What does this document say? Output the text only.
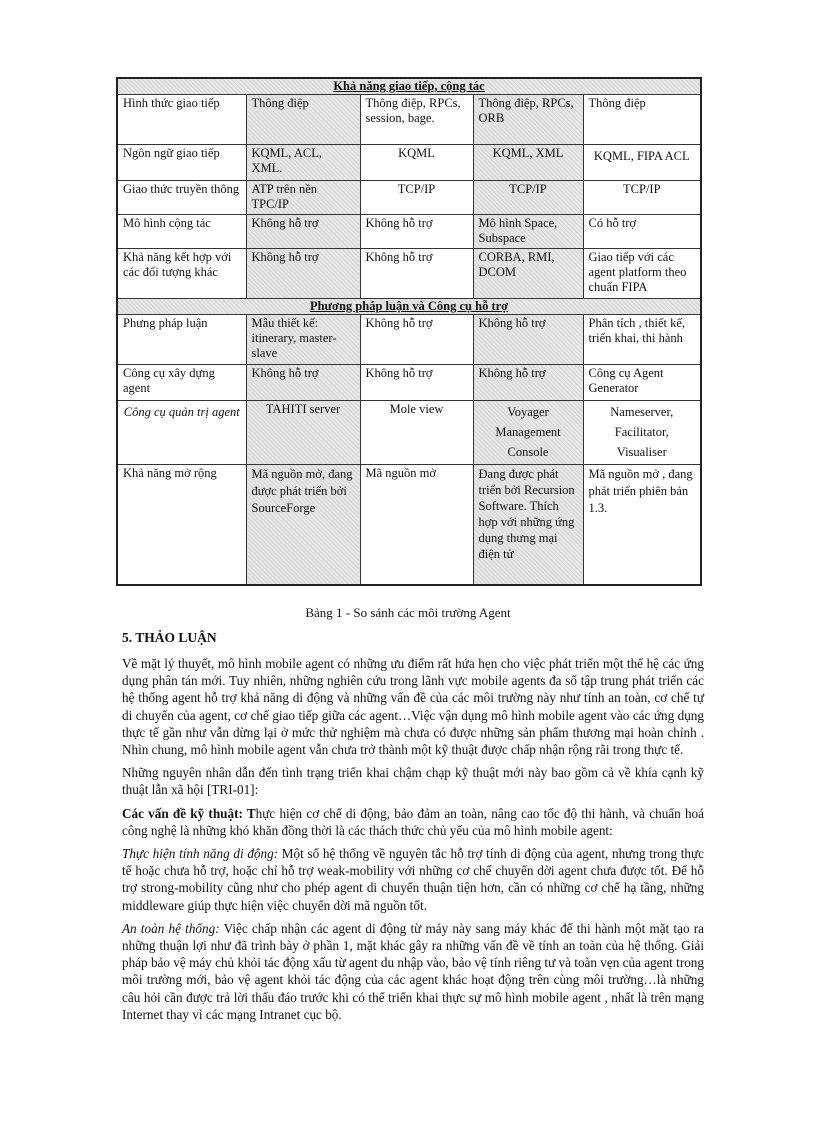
Khả năng giao tiếp, cộng tác				
Hình thức giao tiếp	Thông điệp	Thông điệp, RPCs, session, bage.	Thông điệp, RPCs, ORB	Thông điệp
Ngôn ngữ giao tiếp	KQML, ACL, XML.	KQML	KQML, XML	KQML, FIPA ACL
Giao thức truyền thông	ATP trên nền TPC/IP	TCP/IP	TCP/IP	TCP/IP
Mô hình cộng tác	Không hỗ trợ	Không hỗ trợ	Mô hình Space, Subspace	Có hỗ trợ
Khả năng kết hợp với các đối tượng khác	Không hỗ trợ	Không hỗ trợ	CORBA, RMI, DCOM	Giao tiếp với các agent platform theo chuẩn FIPA
Phương pháp luận và Công cụ hỗ trợ				
Phưng pháp luận	Mẫu thiết kế: itinerary, master-slave	Không hỗ trợ	Không hỗ trợ	Phân tích , thiết kế, triển khai, thi hành
Công cụ xây dựng agent	Không hỗ trợ	Không hỗ trợ	Không hỗ trợ	Công cụ Agent Generator
Công cụ quản trị agent	TAHITI server	Mole view	Voyager Management Console	Nameserver, Facilitator, Visualiser
Khả năng mở rộng	Mã nguồn mở, đang được phát triển bởi SourceForge	Mã nguồn mở	Đang được phát triển bởi Recursion Software. Thích hợp với những ứng dụng thưng mại điện tử	Mã nguồn mở , đang phát triển phiên bản 1.3.
Bảng 1 - So sánh các môi trường Agent
5. THẢO LUẬN

Về mặt lý thuyết, mô hình mobile agent có những ưu điểm rất hứa hẹn cho việc phát triển một thế hệ các ứng dụng phân tán mới. Tuy nhiên, những nghiên cứu trong lãnh vực mobile agents đa số tập trung phát triển các hệ thống agent hỗ trợ khả năng di động và những vấn đề của các môi trường này như tính an toàn, cơ chế tự di chuyển của agent, cơ chế giao tiếp giữa các agent…Việc vận dụng mô hình mobile agent vào các ứng dụng thực tế gần như vẫn dừng lại ở mức thử nghiệm mà chưa có được những sản phẩm thương mại hoàn chỉnh . Nhìn chung, mô hình mobile agent vẫn chưa trở thành một kỹ thuật được chấp nhận rộng rãi trong thực tế.

Những nguyên nhân dẫn đến tình trạng triển khai chậm chạp kỹ thuật mới này bao gồm cả về khía cạnh kỹ thuật lẫn xã hội [TRI-01]:

Các vấn đề kỹ thuật: Thực hiện cơ chế di động, bảo đảm an toàn, nâng cao tốc độ thi hành, và chuẩn hoá công nghệ là những khó khăn đồng thời là các thách thức chủ yếu của mô hình mobile agent:

Thực hiện tính năng di động: Một số hệ thống về nguyên tắc hỗ trợ tính di động của agent, nhưng trong thực tế hoặc chưa hỗ trợ, hoặc chỉ hỗ trợ weak-mobility với những cơ chế chuyển dời agent chưa được tốt. Để hỗ trợ strong-mobility cũng như cho phép agent di chuyển thuận tiện hơn, cần có những cơ chế hạ tầng, những middleware giúp thực hiện việc chuyển dời mã nguồn tốt.

An toàn hệ thống: Việc chấp nhận các agent di động từ máy này sang máy khác để thi hành một mặt tạo ra những thuận lợi như đã trình bày ở phần 1, mặt khác gây ra những vấn đề về tính an toàn của hệ thống. Giải pháp bảo vệ máy chủ khỏi tác động xấu từ agent du nhập vào, bảo vệ tính riêng tư và toàn vẹn của agent trong môi trường mới, bảo vệ agent khỏi tác động của các agent khác hoạt động trên cùng môi trường…là những câu hỏi cần được trả lời thấu đáo trước khi có thể triển khai thực sự mô hình mobile agent , nhất là trên mạng Internet thay vì các mạng Intranet cục bộ.
